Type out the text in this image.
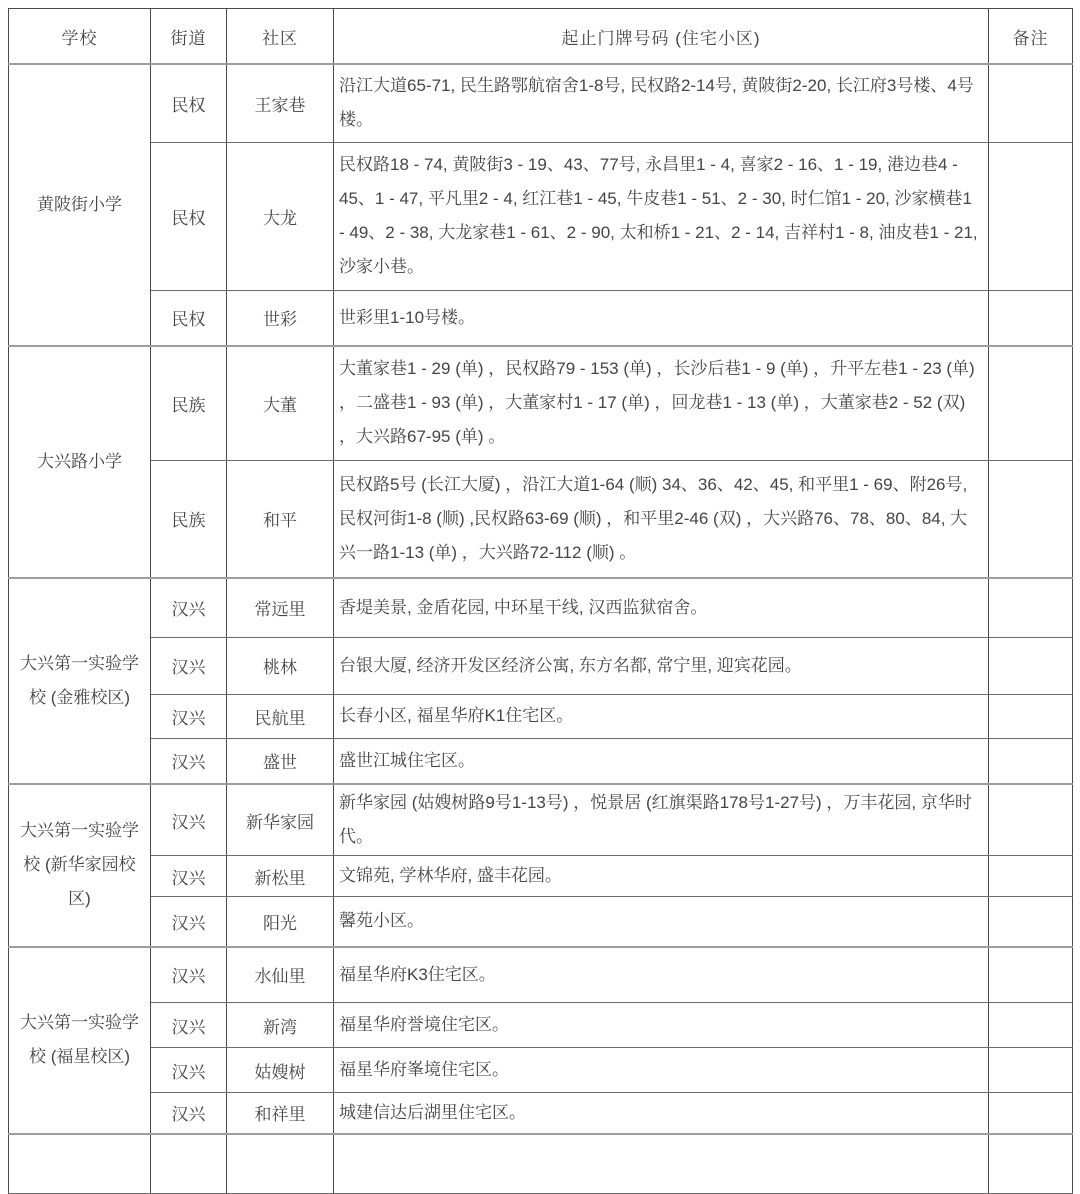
学校	街道	社区	起止门牌号码 (住宅小区)	备注
黄陂街小学	民权	王家巷	沿江大道65-71, 民生路鄂航宿舍1-8号, 民权路2-14号, 黄陂街2-20, 长江府3号楼、4号楼。	
	民权	大龙	民权路18 - 74, 黄陂街3 - 19、43、77号, 永昌里1 - 4, 喜家2 - 16、1 - 19, 港边巷4 - 45、1 - 47, 平凡里2 - 4, 红江巷1 - 45, 牛皮巷1 - 51、2 - 30, 时仁馆1 - 20, 沙家横巷1 - 49、2 - 38, 大龙家巷1 - 61、2 - 90, 太和桥1 - 21、2 - 14, 吉祥村1 - 8, 油皮巷1 - 21, 沙家小巷。	
	民权	世彩	世彩里1-10号楼。	
大兴路小学	民族	大董	大董家巷1 - 29 (单) ，民权路79 - 153 (单) ，长沙后巷1 - 9 (单) ，升平左巷1 - 23 (单) ，二盛巷1 - 93 (单) ，大董家村1 - 17 (单) ，回龙巷1 - 13 (单) ，大董家巷2 - 52 (双) ，大兴路67-95 (单) 。	
	民族	和平	民权路5号 (长江大厦) ，沿江大道1-64 (顺) 34、36、42、45, 和平里1 - 69、附26号, 民权河街1-8 (顺) ,民权路63-69 (顺) ，和平里2-46 (双) ，大兴路76、78、80、84, 大兴一路1-13 (单) ，大兴路72-112 (顺) 。	
大兴第一实验学校 (金雅校区)	汉兴	常远里	香堤美景, 金盾花园, 中环星干线, 汉西监狱宿舍。	
	汉兴	桃林	台银大厦, 经济开发区经济公寓, 东方名都, 常宁里, 迎宾花园。	
	汉兴	民航里	长春小区, 福星华府K1住宅区。	
	汉兴	盛世	盛世江城住宅区。	
大兴第一实验学校 (新华家园校区)	汉兴	新华家园	新华家园 (姑嫂树路9号1-13号) ，悦景居 (红旗渠路178号1-27号) ，万丰花园, 京华时代。	
	汉兴	新松里	文锦苑, 学林华府, 盛丰花园。	
	汉兴	阳光	馨苑小区。	
大兴第一实验学校 (福星校区)	汉兴	水仙里	福星华府K3住宅区。	
	汉兴	新湾	福星华府誉境住宅区。	
	汉兴	姑嫂树	福星华府峯境住宅区。	
	汉兴	和祥里	城建信达后湖里住宅区。	
